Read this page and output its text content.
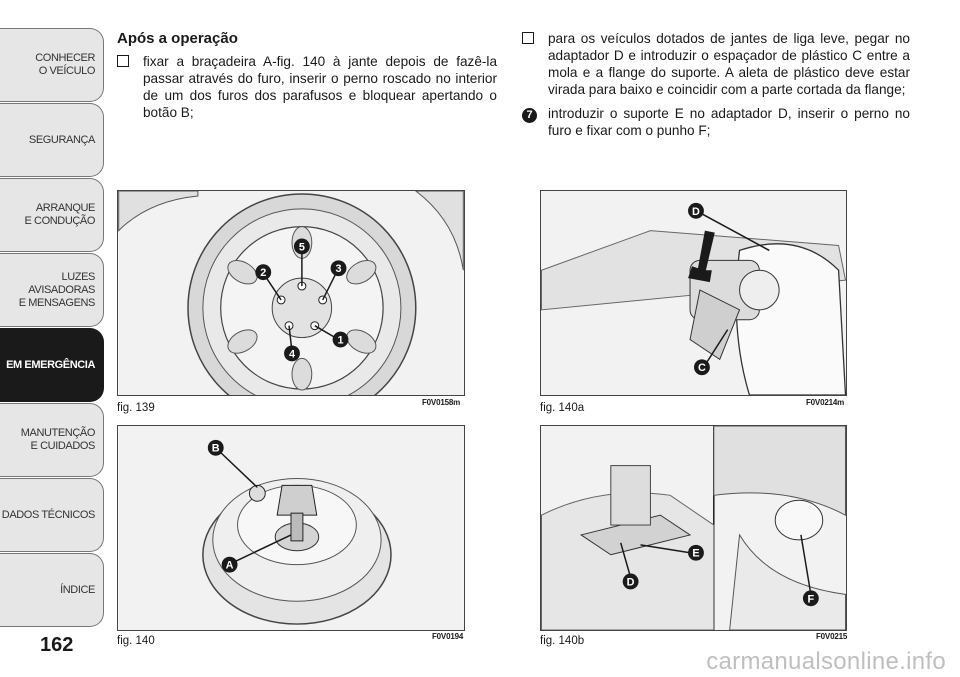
CONHECER
O VEÍCULO
SEGURANÇA
ARRANQUE
E CONDUÇÃO
LUZES AVISADORAS
E MENSAGENS
EM EMERGÊNCIA
MANUTENÇÃO
E CUIDADOS
DADOS TÉCNICOS
ÍNDICE
162
Após a operação
fixar a braçadeira A-fig. 140 à jante depois de fazê-la passar através do furo, inserir o perno roscado no interior de um dos furos dos parafusos e bloquear apertando o botão B;
para os veículos dotados de jantes de liga leve, pegar no adaptador D e introduzir o espaçador de plástico C entre a mola e a flange do suporte. A aleta de plástico deve estar virada para baixo e coincidir com a parte cortada da flange;
7	introduzir o suporte E no adaptador D, inserir o perno no furo e fixar com o punho F;
5
3
1
4
2
fig. 139	F0V0158m
B
A
fig. 140	F0V0194
D
C
fig. 140a	F0V0214m
E
D
F
fig. 140b	F0V0215
carmanualsonline.info
